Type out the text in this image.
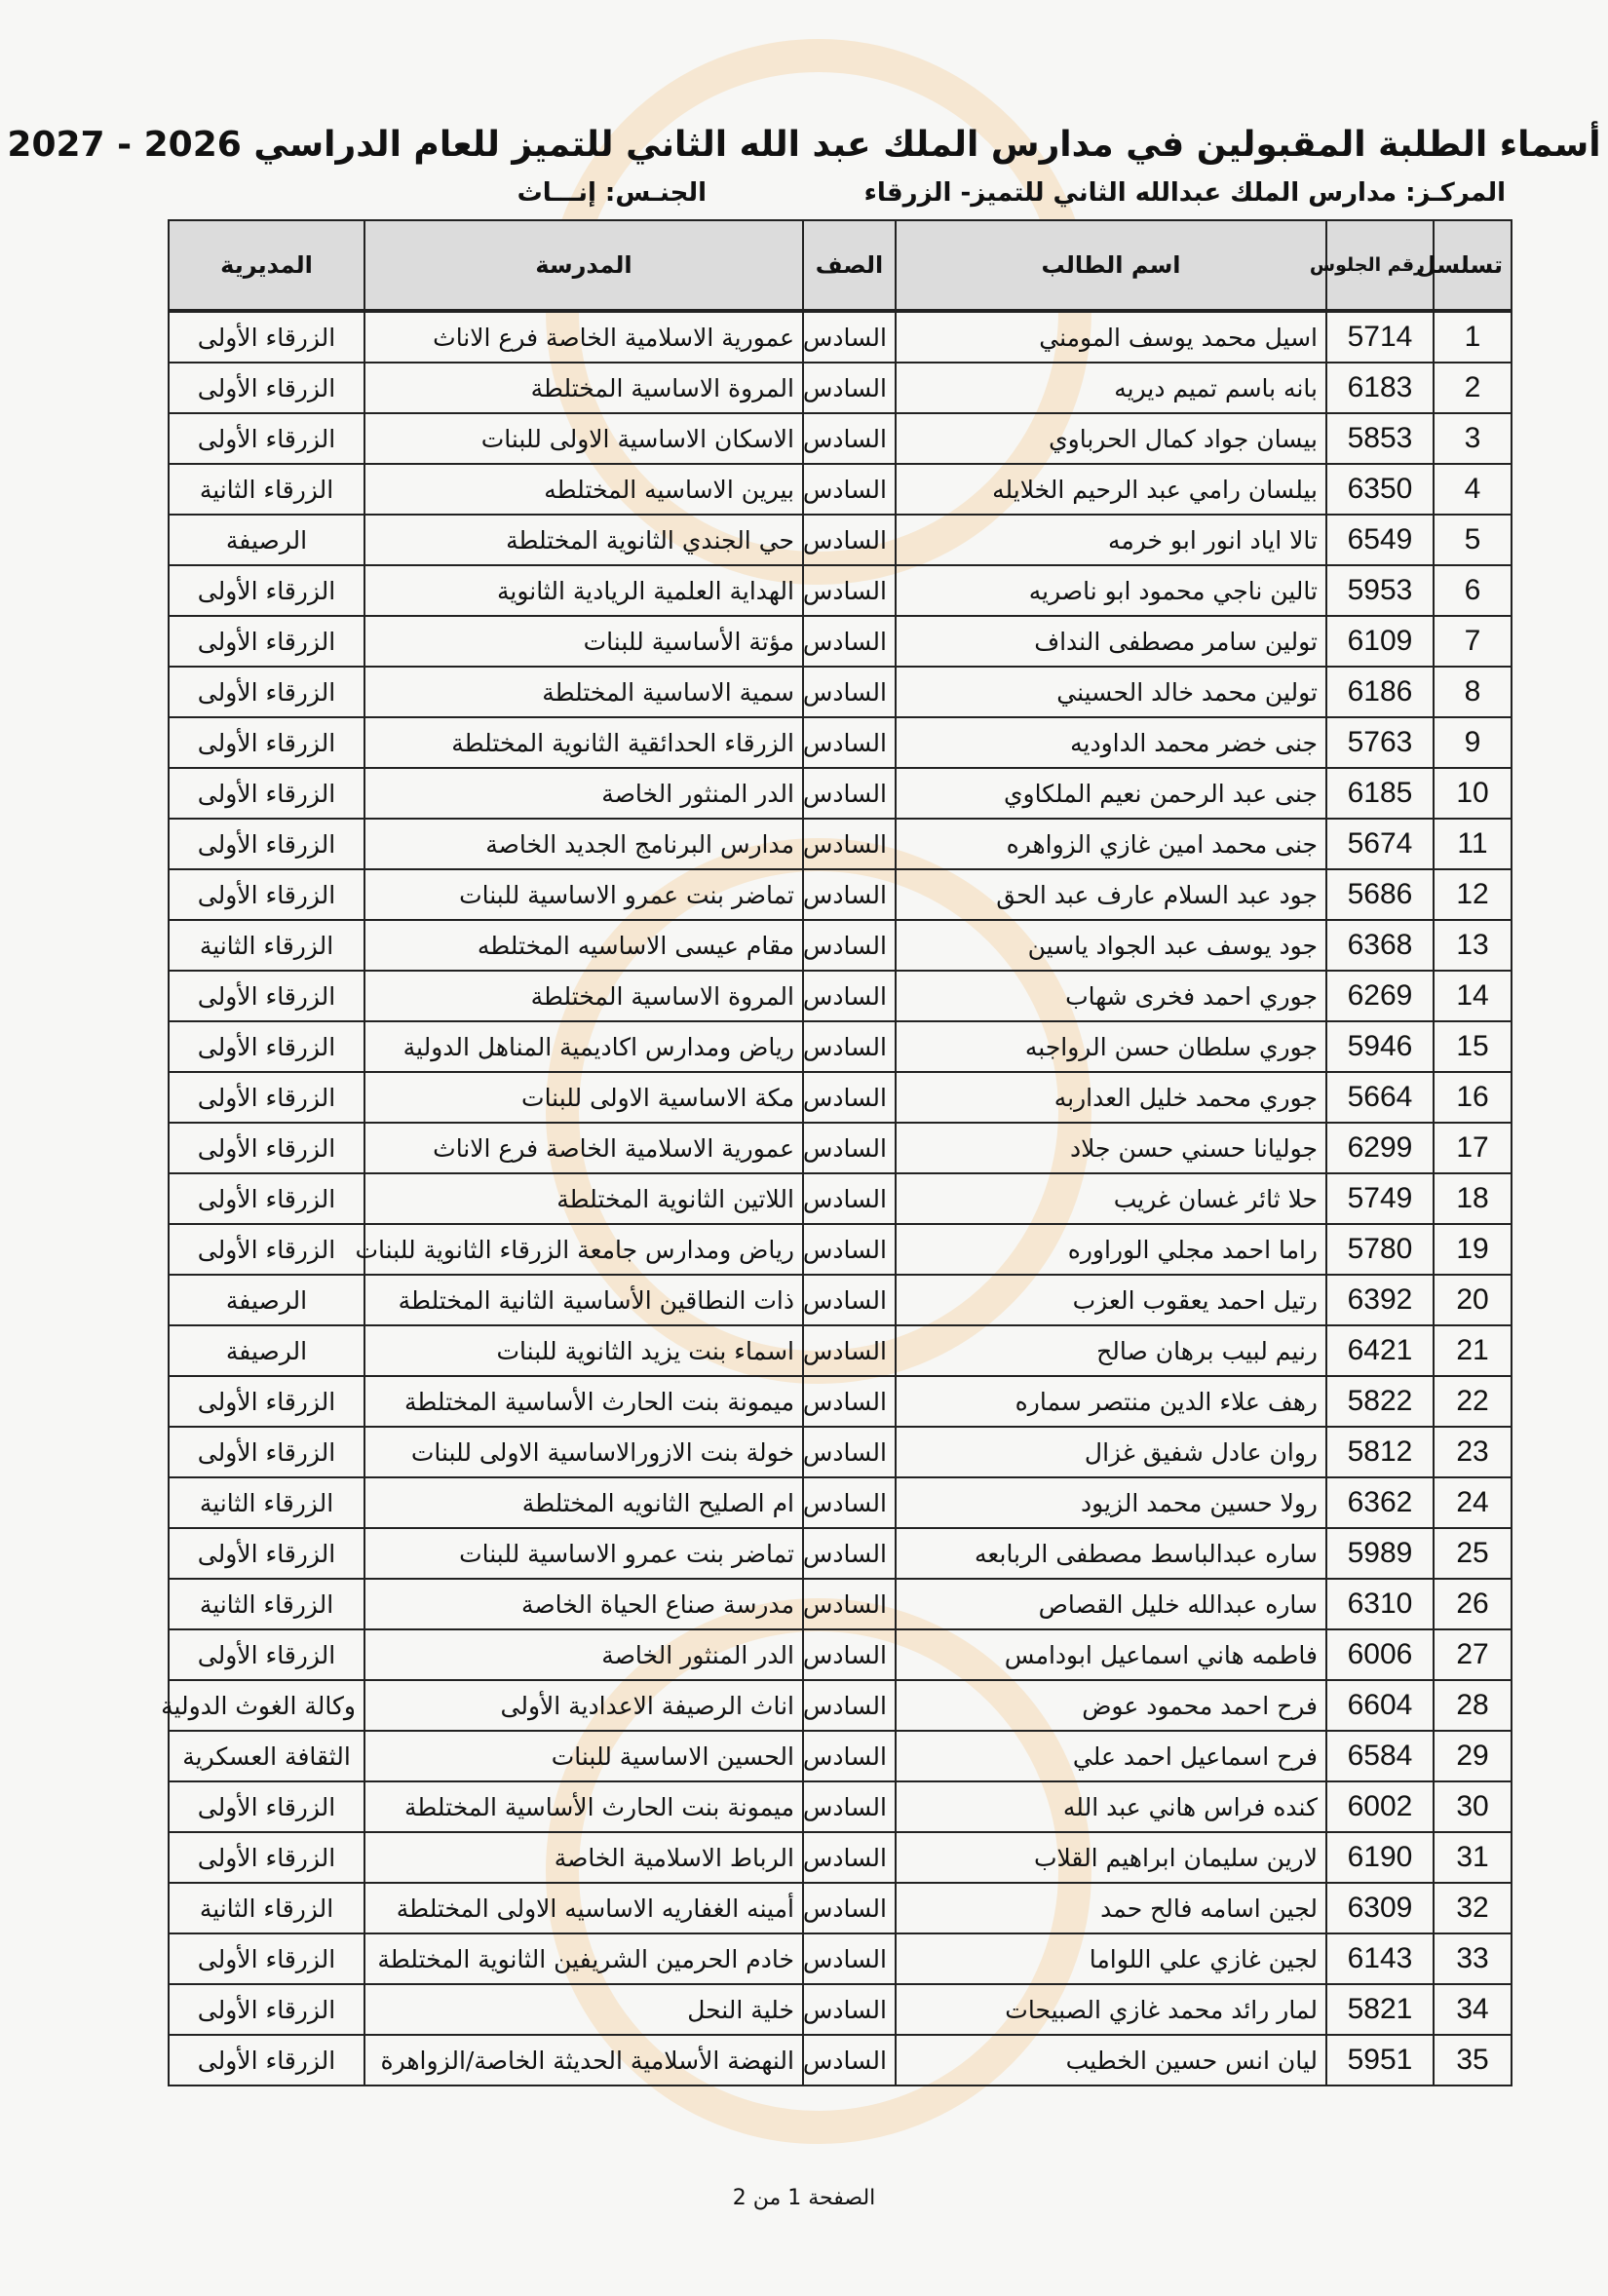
أسماء الطلبة المقبولين في مدارس الملك عبد الله الثاني للتميز للعام الدراسي 2026 - 2027
المركـز: مدارس الملك عبدالله الثاني للتميز- الزرقاء
الجنـس: إنـــاث
تسلسل	رقم الجلوس	اسم الطالب	الصف	المدرسة	المديرية
1	5714	اسيل محمد يوسف المومني	السادس	عمورية الاسلامية الخاصة فرع الاناث	الزرقاء الأولى
2	6183	بانه باسم تميم ديريه	السادس	المروة الاساسية المختلطة	الزرقاء الأولى
3	5853	بيسان جواد كمال الحرباوي	السادس	الاسكان الاساسية الاولى للبنات	الزرقاء الأولى
4	6350	بيلسان رامي عبد الرحيم الخلايله	السادس	بيرين الاساسيه المختلطه	الزرقاء الثانية
5	6549	تالا اياد انور ابو خرمه	السادس	حي الجندي الثانوية المختلطة	الرصيفة
6	5953	تالين ناجي محمود ابو ناصريه	السادس	الهداية العلمية الريادية الثانوية	الزرقاء الأولى
7	6109	تولين سامر مصطفى النداف	السادس	مؤتة الأساسية للبنات	الزرقاء الأولى
8	6186	تولين محمد خالد الحسيني	السادس	سمية الاساسية المختلطة	الزرقاء الأولى
9	5763	جنى خضر محمد الداوديه	السادس	الزرقاء الحدائقية الثانوية المختلطة	الزرقاء الأولى
10	6185	جنى عبد الرحمن نعيم الملكاوي	السادس	الدر المنثور الخاصة	الزرقاء الأولى
11	5674	جنى محمد امين غازي الزواهره	السادس	مدارس البرنامج الجديد الخاصة	الزرقاء الأولى
12	5686	جود عبد السلام عارف عبد الحق	السادس	تماضر بنت عمرو الاساسية للبنات	الزرقاء الأولى
13	6368	جود يوسف عبد الجواد ياسين	السادس	مقام عيسى الاساسيه المختلطه	الزرقاء الثانية
14	6269	جوري احمد فخرى شهاب	السادس	المروة الاساسية المختلطة	الزرقاء الأولى
15	5946	جوري سلطان حسن الرواجبه	السادس	رياض ومدارس اكاديمية المناهل الدولية	الزرقاء الأولى
16	5664	جوري محمد خليل العداربه	السادس	مكة الاساسية الاولى للبنات	الزرقاء الأولى
17	6299	جوليانا حسني حسن جلاد	السادس	عمورية الاسلامية الخاصة فرع الاناث	الزرقاء الأولى
18	5749	حلا ثائر غسان غريب	السادس	اللاتين الثانوية المختلطة	الزرقاء الأولى
19	5780	راما احمد مجلي الوراوره	السادس	رياض ومدارس جامعة الزرقاء الثانوية للبنات	الزرقاء الأولى
20	6392	رتيل احمد يعقوب العزب	السادس	ذات النطاقين الأساسية الثانية المختلطة	الرصيفة
21	6421	رنيم لبيب برهان صالح	السادس	اسماء بنت يزيد الثانوية للبنات	الرصيفة
22	5822	رهف علاء الدين منتصر سماره	السادس	ميمونة بنت الحارث الأساسية المختلطة	الزرقاء الأولى
23	5812	روان عادل شفيق غزال	السادس	خولة بنت الازورالاساسية الاولى للبنات	الزرقاء الأولى
24	6362	رولا حسين محمد الزيود	السادس	ام الصليح الثانويه المختلطة	الزرقاء الثانية
25	5989	ساره عبدالباسط مصطفى الربابعه	السادس	تماضر بنت عمرو الاساسية للبنات	الزرقاء الأولى
26	6310	ساره عبدالله خليل القصاص	السادس	مدرسة صناع الحياة الخاصة	الزرقاء الثانية
27	6006	فاطمه هاني اسماعيل ابودامس	السادس	الدر المنثور الخاصة	الزرقاء الأولى
28	6604	فرح احمد محمود عوض	السادس	اناث الرصيفة الاعدادية الأولى	وكالة الغوث الدولية
29	6584	فرح اسماعيل احمد علي	السادس	الحسين الاساسية للبنات	الثقافة العسكرية
30	6002	كنده فراس هاني عبد الله	السادس	ميمونة بنت الحارث الأساسية المختلطة	الزرقاء الأولى
31	6190	لارين سليمان ابراهيم القلاب	السادس	الرباط الاسلامية الخاصة	الزرقاء الأولى
32	6309	لجين اسامه فالح حمد	السادس	أمينه الغفاريه الاساسيه الاولى المختلطة	الزرقاء الثانية
33	6143	لجين غازي علي اللواما	السادس	خادم الحرمين الشريفين الثانوية المختلطة	الزرقاء الأولى
34	5821	لمار رائد محمد غازي الصبيحات	السادس	خلية النحل	الزرقاء الأولى
35	5951	ليان انس حسين الخطيب	السادس	النهضة الأسلامية الحديثة الخاصة/الزواهرة	الزرقاء الأولى
الصفحة 1 من 2
